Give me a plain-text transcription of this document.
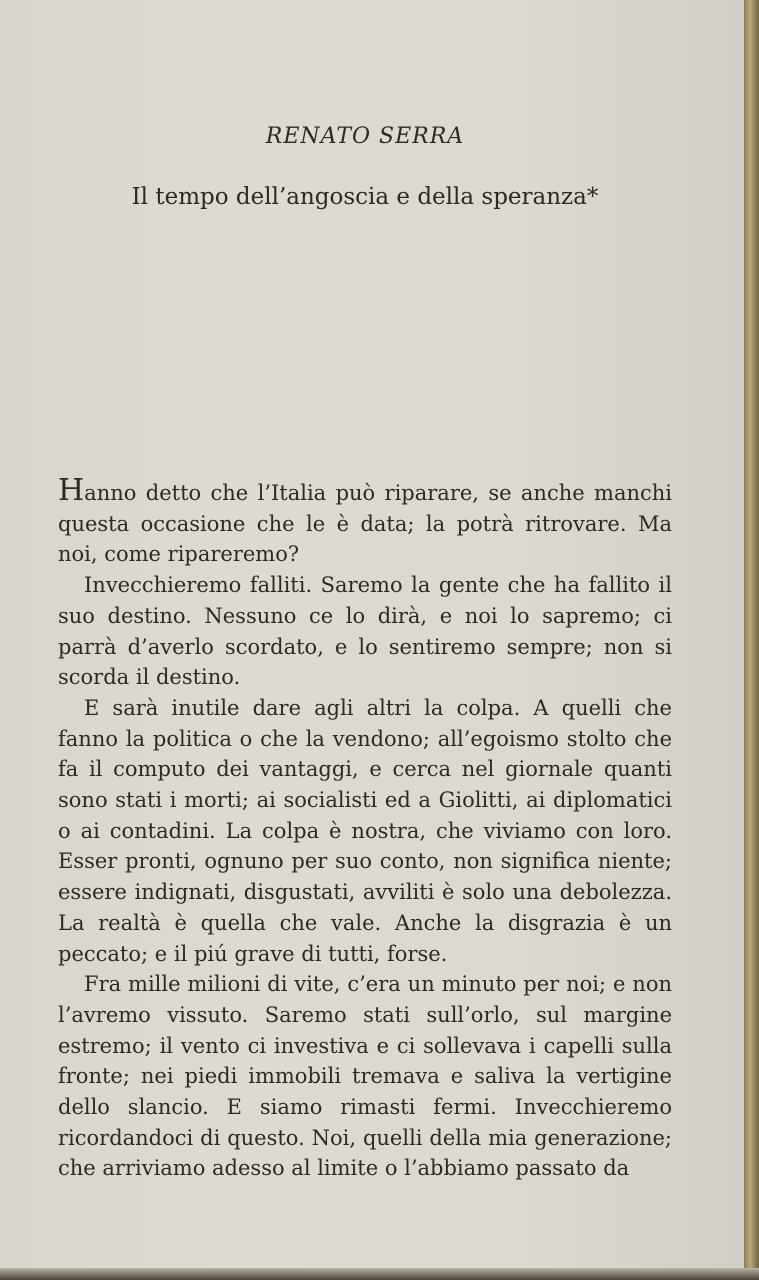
RENATO SERRA
Il tempo dell’angoscia e della speranza*

Hanno detto che l’Italia può riparare, se anche manchi questa occasione che le è data; la potrà ritrovare. Ma noi, come ripareremo?

Invecchieremo falliti. Saremo la gente che ha fallito il suo destino. Nessuno ce lo dirà, e noi lo sapremo; ci parrà d’averlo scordato, e lo sentiremo sempre; non si scorda il destino.

E sarà inutile dare agli altri la colpa. A quelli che fanno la politica o che la vendono; all’egoismo stolto che fa il computo dei vantaggi, e cerca nel giornale quanti sono stati i morti; ai socialisti ed a Giolitti, ai diplomatici o ai contadini. La colpa è nostra, che viviamo con loro. Esser pronti, ognuno per suo conto, non significa niente; essere indignati, disgustati, avviliti è solo una debolezza. La realtà è quella che vale. Anche la disgrazia è un peccato; e il piú grave di tutti, forse.

Fra mille milioni di vite, c’era un minuto per noi; e non l’avremo vissuto. Saremo stati sull’orlo, sul margine estremo; il vento ci investiva e ci sollevava i capelli sulla fronte; nei piedi immobili tremava e saliva la vertigine dello slancio. E siamo rimasti fermi. Invecchieremo ricordandoci di questo. Noi, quelli della mia generazione; che arriviamo adesso al limite o l’abbiamo passato da
